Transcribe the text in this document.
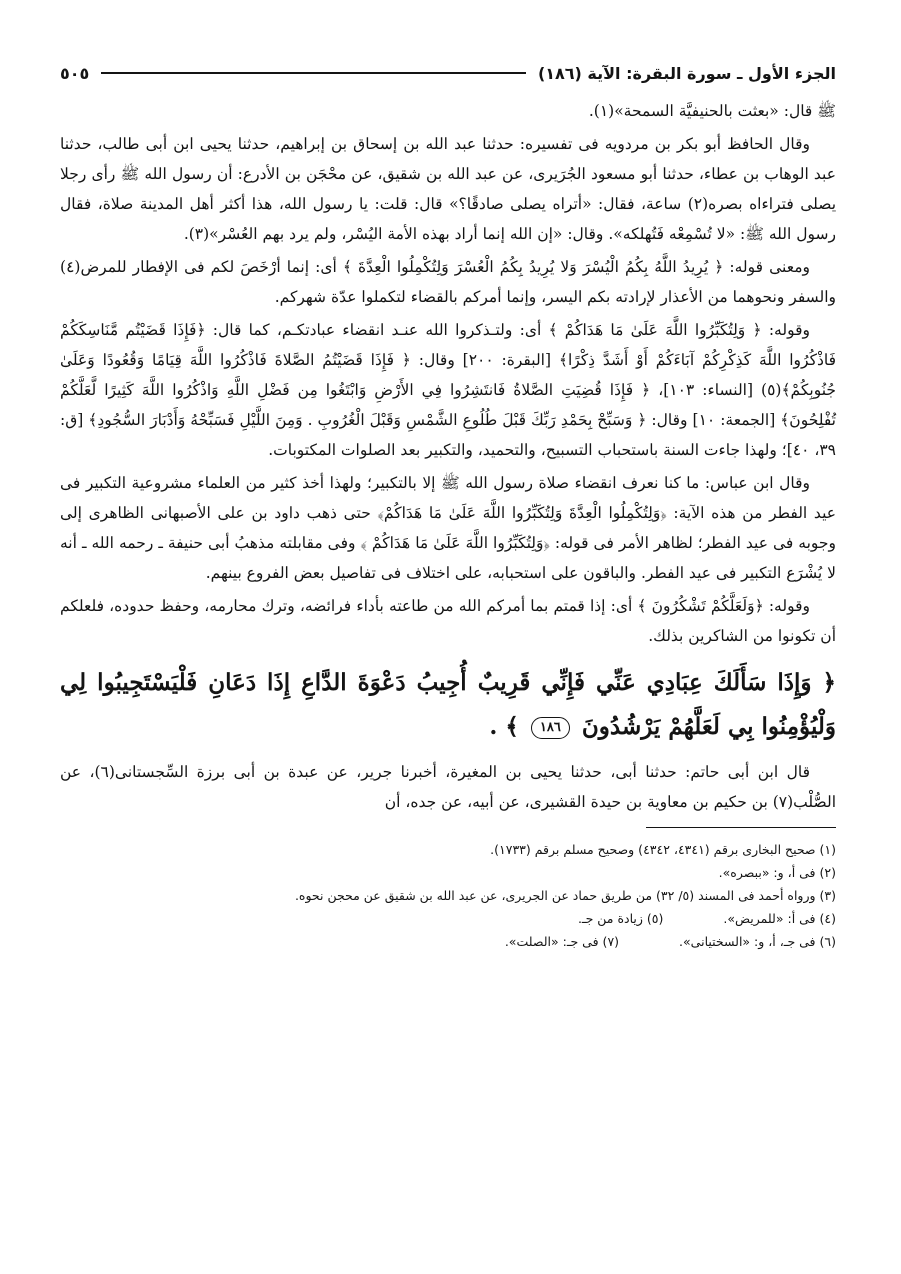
الجزء الأول ـ سورة البقرة: الآية (١٨٦)
٥٠٥

ﷺ قال: «بعثت بالحنيفيَّة السمحة»(١).

وقال الحافظ أبو بكر بن مردويه فى تفسيره: حدثنا عبد الله بن إسحاق بن إبراهيم، حدثنا يحيى ابن أبى طالب، حدثنا عبد الوهاب بن عطاء، حدثنا أبو مسعود الجُرَيرى، عن عبد الله بن شقيق، عن محْجَن بن الأدرع: أن رسول الله ﷺ رأى رجلا يصلى فتراءاه بصره(٢) ساعة، فقال: «أتراه يصلى صادقًا؟» قال: قلت: يا رسول الله، هذا أكثر أهل المدينة صلاة، فقال رسول الله ﷺ: «لا تُسْمِعْه فَتُهلكه». وقال: «إن الله إنما أراد بهذه الأمة اليُسْر، ولم يرد بهم العُسْر»(٣).

ومعنى قوله: ﴿ يُرِيدُ اللَّهُ بِكُمُ الْيُسْرَ وَلا يُرِيدُ بِكُمُ الْعُسْرَ وَلِتُكْمِلُوا الْعِدَّةَ ﴾ أى: إنما أرْخَصَ لكم فى الإفطار للمرض(٤) والسفر ونحوهما من الأعذار لإرادته بكم اليسر، وإنما أمركم بالقضاء لتكملوا عدّة شهركم.

وقوله: ﴿ وَلِتُكَبِّرُوا اللَّهَ عَلَىٰ مَا هَدَاكُمْ ﴾ أى: ولتـذكروا الله عنـد انقضاء عبادتكـم، كما قال: ﴿فَإِذَا قَضَيْتُم مَّنَاسِكَكُمْ فَاذْكُرُوا اللَّهَ كَذِكْرِكُمْ آبَاءَكُمْ أَوْ أَشَدَّ ذِكْرًا﴾ [البقرة: ٢٠٠] وقال: ﴿ فَإِذَا قَضَيْتُمُ الصَّلاةَ فَاذْكُرُوا اللَّهَ قِيَامًا وَقُعُودًا وَعَلَىٰ جُنُوبِكُمْ﴾(٥) [النساء: ١٠٣]، ﴿ فَإِذَا قُضِيَتِ الصَّلاةُ فَانتَشِرُوا فِي الأَرْضِ وَابْتَغُوا مِن فَضْلِ اللَّهِ وَاذْكُرُوا اللَّهَ كَثِيرًا لَّعَلَّكُمْ تُفْلِحُونَ﴾ [الجمعة: ١٠] وقال: ﴿ وَسَبِّحْ بِحَمْدِ رَبِّكَ قَبْلَ طُلُوعِ الشَّمْسِ وَقَبْلَ الْغُرُوبِ . وَمِنَ اللَّيْلِ فَسَبِّحْهُ وَأَدْبَارَ السُّجُودِ﴾ [ق: ٣٩، ٤٠]؛ ولهذا جاءت السنة باستحباب التسبيح، والتحميد، والتكبير بعد الصلوات المكتوبات.

وقال ابن عباس: ما كنا نعرف انقضاء صلاة رسول الله ﷺ إلا بالتكبير؛ ولهذا أخذ كثير من العلماء مشروعية التكبير فى عيد الفطر من هذه الآية: ﴿وَلِتُكْمِلُوا الْعِدَّةَ وَلِتُكَبِّرُوا اللَّهَ عَلَىٰ مَا هَدَاكُمْ﴾ حتى ذهب داود بن على الأصبهانى الظاهرى إلى وجوبه فى عيد الفطر؛ لظاهر الأمر فى قوله: ﴿وَلِتُكَبِّرُوا اللَّهَ عَلَىٰ مَا هَدَاكُمْ ﴾ وفى مقابلته مذهبُ أبى حنيفة ـ رحمه الله ـ أنه لا يُشْرَع التكبير فى عيد الفطر. والباقون على استحبابه، على اختلاف فى تفاصيل بعض الفروع بينهم.

وقوله: ﴿وَلَعَلَّكُمْ تَشْكُرُونَ ﴾ أى: إذا قمتم بما أمركم الله من طاعته بأداء فرائضه، وترك محارمه، وحفظ حدوده، فلعلكم أن تكونوا من الشاكرين بذلك.

﴿ وَإِذَا سَأَلَكَ عِبَادِي عَنِّي فَإِنِّي قَرِيبٌ أُجِيبُ دَعْوَةَ الدَّاعِ إِذَا دَعَانِ فَلْيَسْتَجِيبُوا لِي وَلْيُؤْمِنُوا بِي لَعَلَّهُمْ يَرْشُدُونَ ١٨٦ ﴾ .

قال ابن أبى حاتم: حدثنا أبى، حدثنا يحيى بن المغيرة، أخبرنا جرير، عن عبدة بن أبى برزة السِّجستانى(٦)، عن الصُّلْب(٧) بن حكيم بن معاوية بن حيدة القشيرى، عن أبيه، عن جده، أن

(١) صحيح البخارى برقم (٤٣٤١، ٤٣٤٢) وصحيح مسلم برقم (١٧٣٣).
(٢) فى أ، و: «ببصره».
(٣) ورواه أحمد فى المسند (٥/ ٣٢) من طريق حماد عن الجريرى، عن عبد الله بن شقيق عن محجن نحوه.
(٤) فى أ: «للمريض».
(٥) زيادة من جـ.
(٦) فى جـ، أ، و: «السختيانى».
(٧) فى جـ: «الصلت».
